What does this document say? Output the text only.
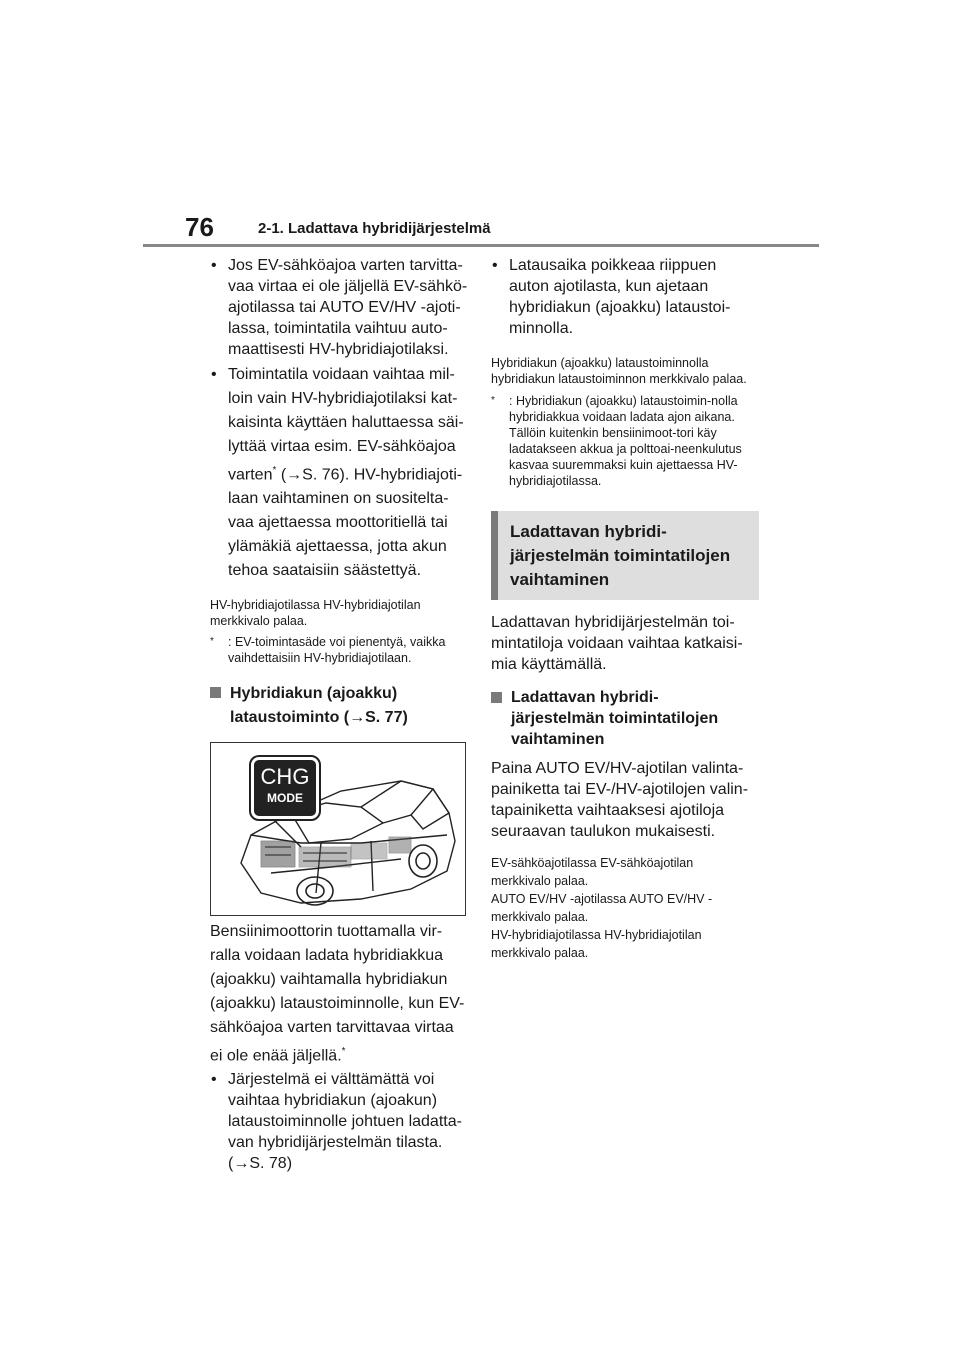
76	2-1. Ladattava hybridijärjestelmä
• Jos EV-sähköajoa varten tarvitta-vaa virtaa ei ole jäljellä EV-sähkö-ajotilassa tai AUTO EV/HV -ajoti-lassa, toimintatila vaihtuu auto-maattisesti HV-hybridiajotilaksi.
• Toimintatila voidaan vaihtaa mil-loin vain HV-hybridiajotilaksi kat-kaisinta käyttäen haluttaessa säi-lyttää virtaa esim. EV-sähköajoa varten* (→S. 76). HV-hybridiajoti-laan vaihtaminen on suositelta-vaa ajettaessa moottoritiellä tai ylämäkiä ajettaessa, jotta akun tehoa saataisiin säästettyä.
HV-hybridiajotilassa HV-hybridiajotilan merkkivalo palaa.
* : EV-toimintasäde voi pienentyä, vaikka vaihdettaisiin HV-hybridiajotilaan.
Hybridiakun (ajoakku) lataustoiminto (→S. 77)
CHG
MODE
Bensiinimoottorin tuottamalla vir-ralla voidaan ladata hybridiakkua (ajoakku) vaihtamalla hybridiakun (ajoakku) lataustoiminnolle, kun EV-sähköajoa varten tarvittavaa virtaa ei ole enää jäljellä.*
• Järjestelmä ei välttämättä voi vaihtaa hybridiakun (ajoakun) lataustoiminnolle johtuen ladatta-van hybridijärjestelmän tilasta. (→S. 78)
• Latausaika poikkeaa riippuen auton ajotilasta, kun ajetaan hybridiakun (ajoakku) lataustoi-minnolla.
Hybridiakun (ajoakku) lataustoiminnolla hybridiakun lataustoiminnon merkkivalo palaa.
* : Hybridiakun (ajoakku) lataustoimin-nolla hybridiakkua voidaan ladata ajon aikana. Tällöin kuitenkin bensiinimoot-tori käy ladatakseen akkua ja polttoai-neenkulutus kasvaa suuremmaksi kuin ajettaessa HV-hybridiajotilassa.
Ladattavan hybridi-järjestelmän toimintatilojen vaihtaminen
Ladattavan hybridijärjestelmän toi-mintatiloja voidaan vaihtaa katkaisi-mia käyttämällä.
Ladattavan hybridi-järjestelmän toimintatilojen vaihtaminen
Paina AUTO EV/HV-ajotilan valinta-painiketta tai EV-/HV-ajotilojen valin-tapainiketta vaihtaaksesi ajotiloja seuraavan taulukon mukaisesti.
EV-sähköajotilassa EV-sähköajotilan merkkivalo palaa.
AUTO EV/HV -ajotilassa AUTO EV/HV -merkkivalo palaa.
HV-hybridiajotilassa HV-hybridiajotilan merkkivalo palaa.
